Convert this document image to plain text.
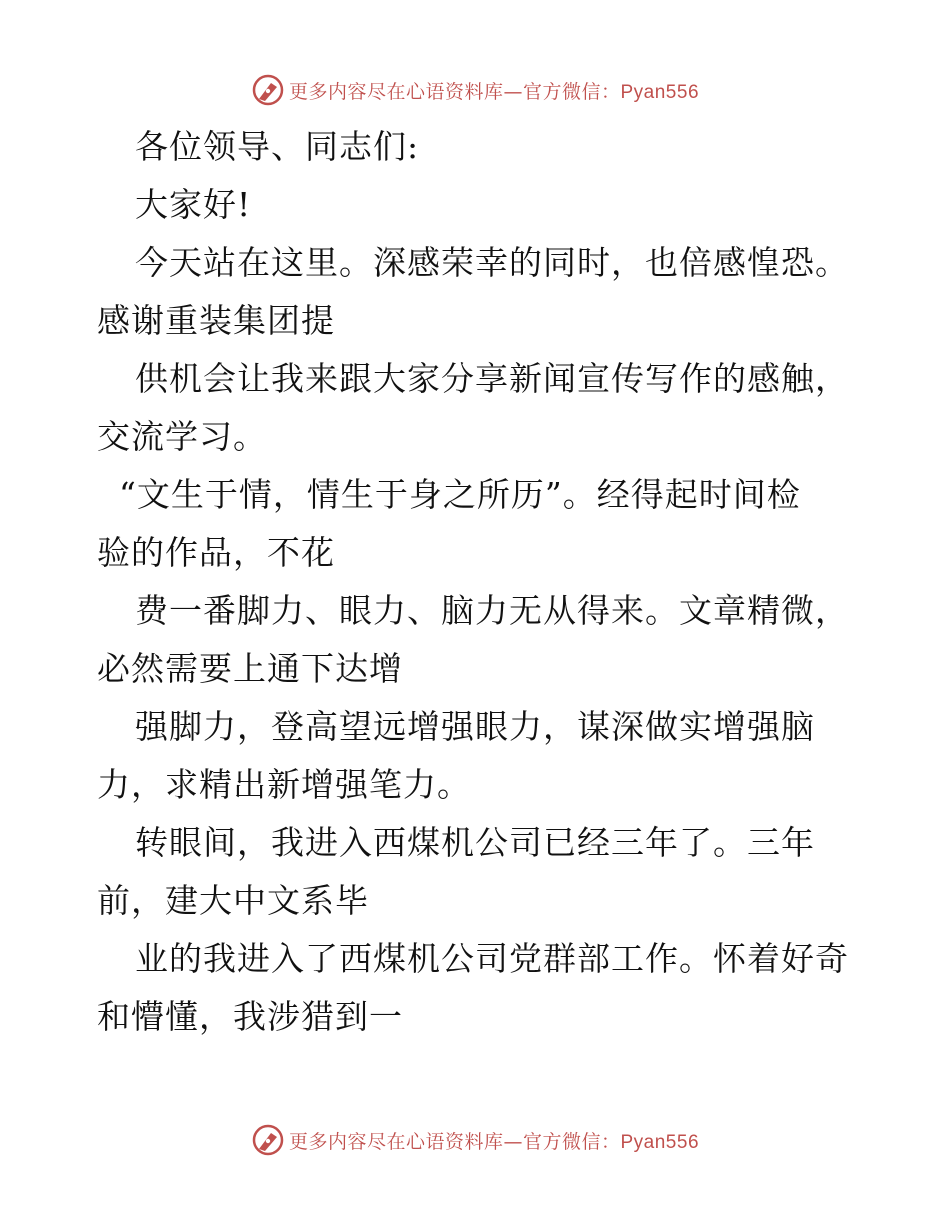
更多内容尽在心语资料库—官方微信：Pyan556
各位领导、同志们:
大家好!
今天站在这里。深感荣幸的同时，也倍感惶恐。
感谢重装集团提
供机会让我来跟大家分享新闻宣传写作的感触，
交流学习。
“文生于情，情生于身之所历”。经得起时间检
验的作品，不花
费一番脚力、眼力、脑力无从得来。文章精微，
必然需要上通下达增
强脚力，登高望远增强眼力，谋深做实增强脑
力，求精出新增强笔力。
转眼间，我进入西煤机公司已经三年了。三年
前，建大中文系毕
业的我进入了西煤机公司党群部工作。怀着好奇
和懵懂，我涉猎到一
更多内容尽在心语资料库—官方微信：Pyan556
